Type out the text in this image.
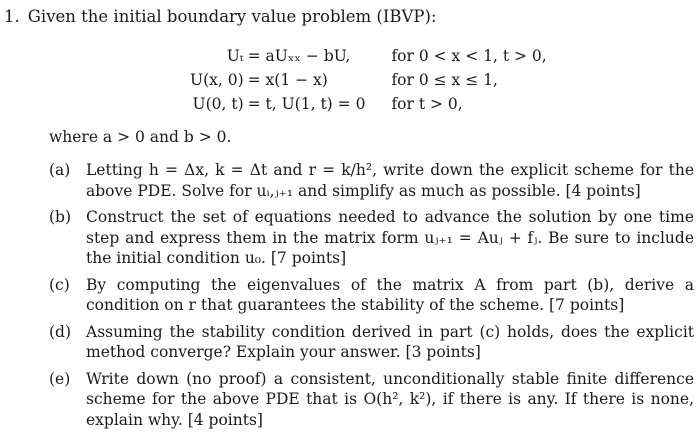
1. Given the initial boundary value problem (IBVP):
Uₜ	= aUₓₓ − bU,	for 0 < x < 1, t > 0,
U(x, 0)	= x(1 − x)	for 0 ≤ x ≤ 1,
U(0, t)	= t, U(1, t) = 0	for t > 0,
where a > 0 and b > 0.
(a)	Letting h = Δx, k = Δt and r = k/h², write down the explicit scheme for the above PDE. Solve for uᵢ,ⱼ₊₁ and simplify as much as possible. [4 points]
(b) Construct the set of equations needed to advance the solution by one time step and express them in the matrix form uⱼ₊₁ = Auⱼ + fⱼ. Be sure to include the initial condition u₀. [7 points]
(c)	By computing the eigenvalues of the matrix A from part (b), derive a condition on r that guarantees the stability of the scheme. [7 points]
(d) Assuming the stability condition derived in part (c) holds, does the explicit method converge? Explain your answer. [3 points]
(e)	Write down (no proof) a consistent, unconditionally stable finite difference scheme for the above PDE that is O(h², k²), if there is any. If there is none, explain why. [4 points]
